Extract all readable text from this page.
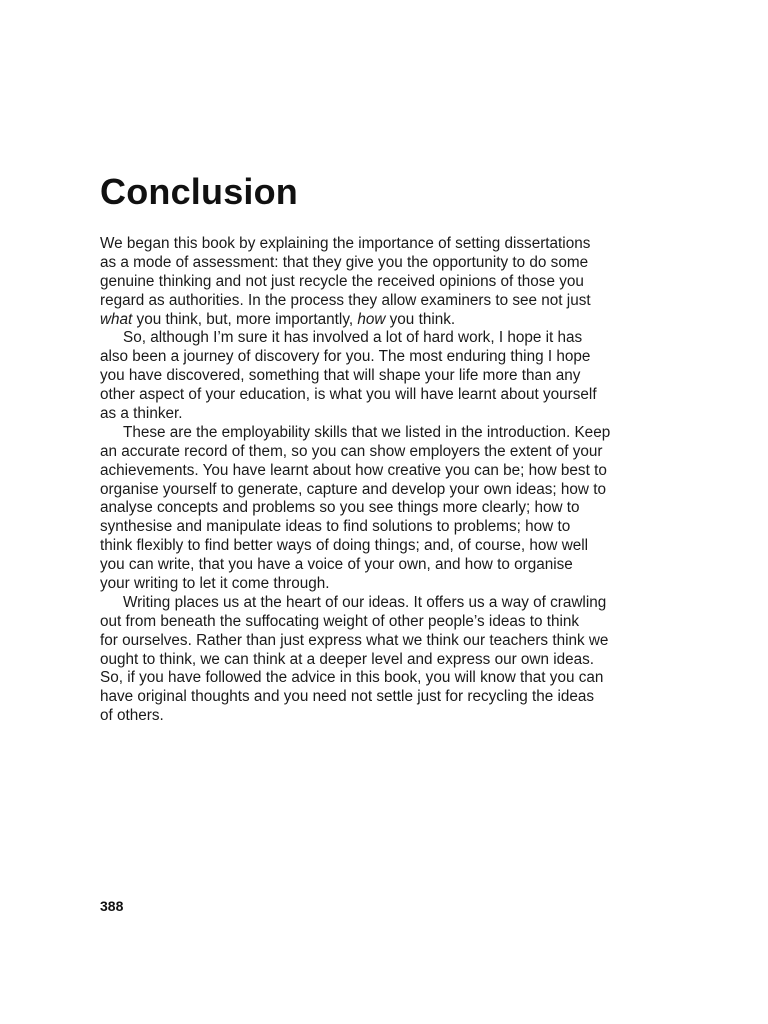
Conclusion
We began this book by explaining the importance of setting dissertations
as a mode of assessment: that they give you the opportunity to do some
genuine thinking and not just recycle the received opinions of those you
regard as authorities. In the process they allow examiners to see not just
what you think, but, more importantly, how you think.
So, although I’m sure it has involved a lot of hard work, I hope it has
also been a journey of discovery for you. The most enduring thing I hope
you have discovered, something that will shape your life more than any
other aspect of your education, is what you will have learnt about yourself
as a thinker.
These are the employability skills that we listed in the introduction. Keep
an accurate record of them, so you can show employers the extent of your
achievements. You have learnt about how creative you can be; how best to
organise yourself to generate, capture and develop your own ideas; how to
analyse concepts and problems so you see things more clearly; how to
synthesise and manipulate ideas to find solutions to problems; how to
think flexibly to find better ways of doing things; and, of course, how well
you can write, that you have a voice of your own, and how to organise
your writing to let it come through.
Writing places us at the heart of our ideas. It offers us a way of crawling
out from beneath the suffocating weight of other people’s ideas to think
for ourselves. Rather than just express what we think our teachers think we
ought to think, we can think at a deeper level and express our own ideas.
So, if you have followed the advice in this book, you will know that you can
have original thoughts and you need not settle just for recycling the ideas
of others.
388
